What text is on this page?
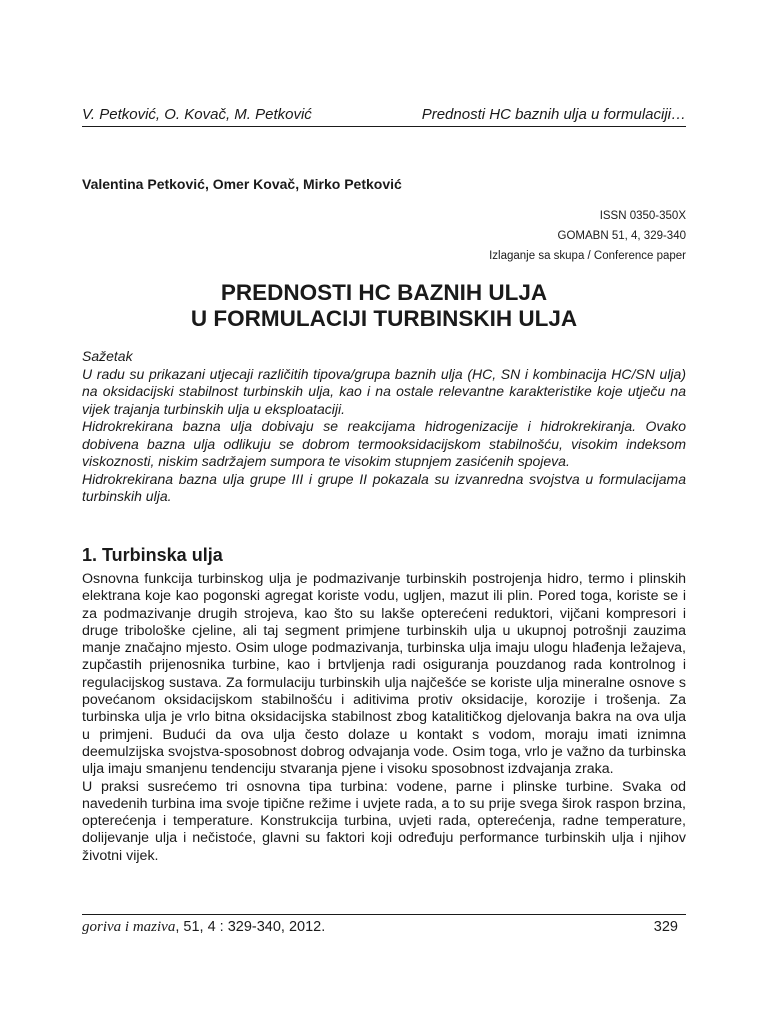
V. Petković, O. Kovač, M. Petković	Prednosti HC baznih ulja u formulaciji…
Valentina Petković, Omer Kovač, Mirko Petković
ISSN 0350-350X
GOMABN 51, 4, 329-340
Izlaganje sa skupa / Conference paper
PREDNOSTI HC BAZNIH ULJA
U FORMULACIJI TURBINSKIH ULJA

Sažetak

U radu su prikazani utjecaji različitih tipova/grupa baznih ulja (HC, SN i kombinacija HC/SN ulja) na oksidacijski stabilnost turbinskih ulja, kao i na ostale relevantne karakteristike koje utječu na vijek trajanja turbinskih ulja u eksploataciji.

Hidrokrekirana bazna ulja dobivaju se reakcijama hidrogenizacije i hidrokrekiranja. Ovako dobivena bazna ulja odlikuju se dobrom termooksidacijskom stabilnošću, visokim indeksom viskoznosti, niskim sadržajem sumpora te visokim stupnjem zasićenih spojeva.

Hidrokrekirana bazna ulja grupe III i grupe II pokazala su izvanredna svojstva u formulacijama turbinskih ulja.

1. Turbinska ulja

Osnovna funkcija turbinskog ulja je podmazivanje turbinskih postrojenja hidro, termo i plinskih elektrana koje kao pogonski agregat koriste vodu, ugljen, mazut ili plin. Pored toga, koriste se i za podmazivanje drugih strojeva, kao što su lakše opterećeni reduktori, vijčani kompresori i druge tribološke cjeline, ali taj segment primjene turbinskih ulja u ukupnoj potrošnji zauzima manje značajno mjesto. Osim uloge podmazivanja, turbinska ulja imaju ulogu hlađenja ležajeva, zupčastih prijenosnika turbine, kao i brtvljenja radi osiguranja pouzdanog rada kontrolnog i regulacijskog sustava. Za formulaciju turbinskih ulja najčešće se koriste ulja mineralne osnove s povećanom oksidacijskom stabilnošću i aditivima protiv oksidacije, korozije i trošenja. Za turbinska ulja je vrlo bitna oksidacijska stabilnost zbog katalitičkog djelovanja bakra na ova ulja u primjeni. Budući da ova ulja često dolaze u kontakt s vodom, moraju imati iznimna deemulzijska svojstva-sposobnost dobrog odvajanja vode. Osim toga, vrlo je važno da turbinska ulja imaju smanjenu tendenciju stvaranja pjene i visoku sposobnost izdvajanja zraka.

U praksi susrećemo tri osnovna tipa turbina: vodene, parne i plinske turbine. Svaka od navedenih turbina ima svoje tipične režime i uvjete rada, a to su prije svega širok raspon brzina, opterećenja i temperature. Konstrukcija turbina, uvjeti rada, opterećenja, radne temperature, dolijevanje ulja i nečistoće, glavni su faktori koji određuju performance turbinskih ulja i njihov životni vijek.

goriva i maziva, 51, 4 : 329-340, 2012.	329
